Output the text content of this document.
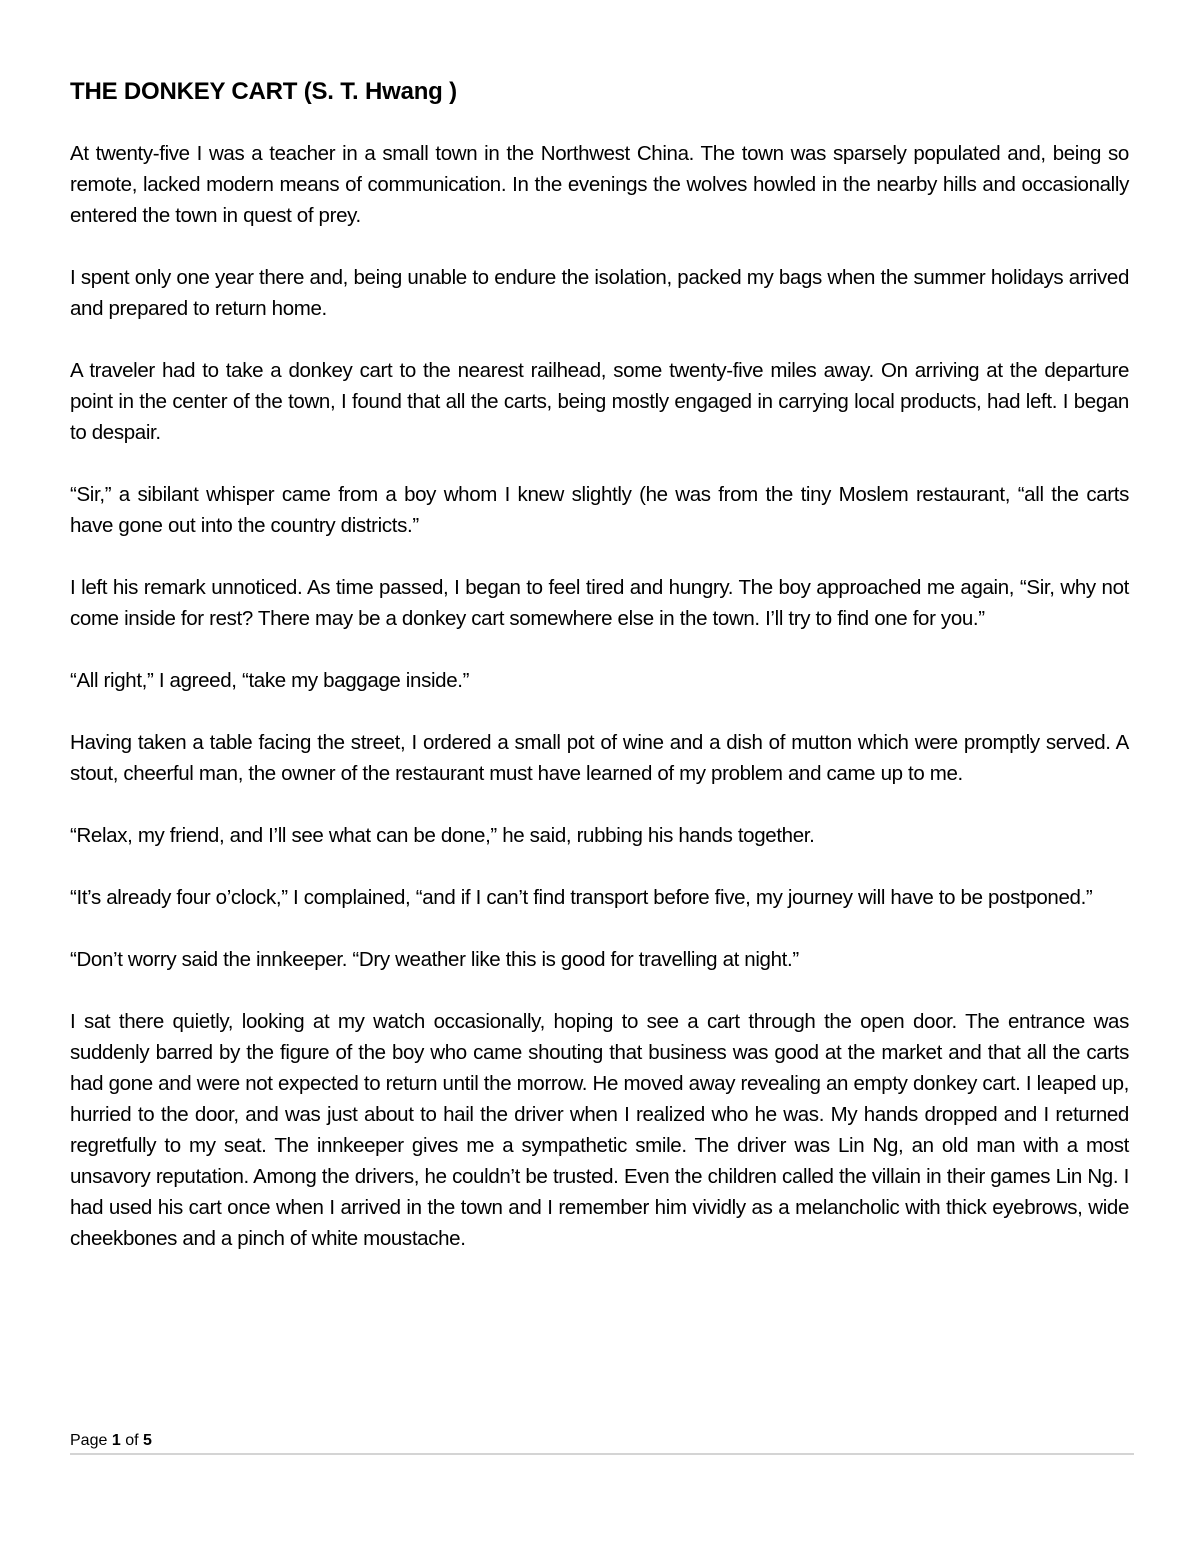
THE DONKEY CART (S. T. Hwang )

At twenty-five I was a teacher in a small town in the Northwest China. The town was sparsely populated and, being so remote, lacked modern means of communication. In the evenings the wolves howled in the nearby hills and occasionally entered the town in quest of prey.

I spent only one year there and, being unable to endure the isolation, packed my bags when the summer holidays arrived and prepared to return home.

A traveler had to take a donkey cart to the nearest railhead, some twenty-five miles away. On arriving at the departure point in the center of the town, I found that all the carts, being mostly engaged in carrying local products, had left. I began to despair.

“Sir,” a sibilant whisper came from a boy whom I knew slightly (he was from the tiny Moslem restaurant, “all the carts have gone out into the country districts.”

I left his remark unnoticed. As time passed, I began to feel tired and hungry. The boy approached me again, “Sir, why not come inside for rest? There may be a donkey cart somewhere else in the town. I’ll try to find one for you.”

“All right,” I agreed, “take my baggage inside.”

Having taken a table facing the street, I ordered a small pot of wine and a dish of mutton which were promptly served. A stout, cheerful man, the owner of the restaurant must have learned of my problem and came up to me.

“Relax, my friend, and I’ll see what can be done,” he said, rubbing his hands together.

“It’s already four o’clock,” I complained, “and if I can’t find transport before five, my journey will have to be postponed.”

“Don’t worry said the innkeeper. “Dry weather like this is good for travelling at night.”

I sat there quietly, looking at my watch occasionally, hoping to see a cart through the open door. The entrance was suddenly barred by the figure of the boy who came shouting that business was good at the market and that all the carts had gone and were not expected to return until the morrow. He moved away revealing an empty donkey cart. I leaped up, hurried to the door, and was just about to hail the driver when I realized who he was. My hands dropped and I returned regretfully to my seat. The innkeeper gives me a sympathetic smile. The driver was Lin Ng, an old man with a most unsavory reputation. Among the drivers, he couldn’t be trusted. Even the children called the villain in their games Lin Ng. I had used his cart once when I arrived in the town and I remember him vividly as a melancholic with thick eyebrows, wide cheekbones and a pinch of white moustache.

Page 1 of 5
